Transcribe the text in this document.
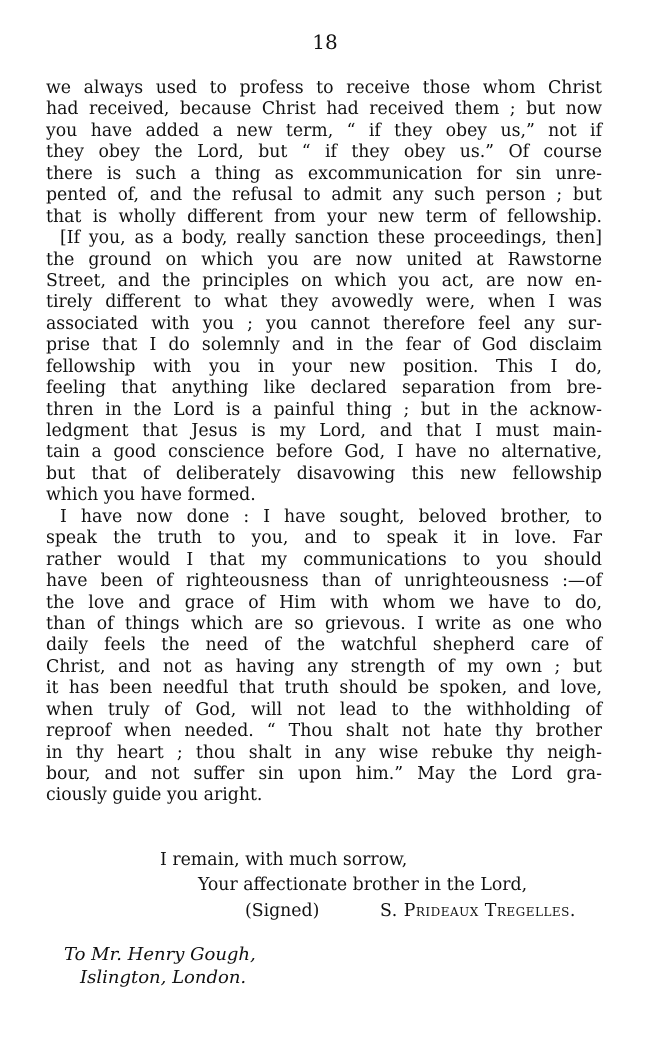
18
we always used to profess to receive those whom Christ
had received, because Christ had received them ; but now
you have added a new term, “ if they obey us,” not if
they obey the Lord, but “ if they obey us.” Of course
there is such a thing as excommunication for sin unre-
pented of, and the refusal to admit any such person ; but
that is wholly different from your new term of fellowship.
[If you, as a body, really sanction these proceedings, then]
the ground on which you are now united at Rawstorne
Street, and the principles on which you act, are now en-
tirely different to what they avowedly were, when I was
associated with you ; you cannot therefore feel any sur-
prise that I do solemnly and in the fear of God disclaim
fellowship with you in your new position. This I do,
feeling that anything like declared separation from bre-
thren in the Lord is a painful thing ; but in the acknow-
ledgment that Jesus is my Lord, and that I must main-
tain a good conscience before God, I have no alternative,
but that of deliberately disavowing this new fellowship
which you have formed.
I have now done : I have sought, beloved brother, to
speak the truth to you, and to speak it in love. Far
rather would I that my communications to you should
have been of righteousness than of unrighteousness :—of
the love and grace of Him with whom we have to do,
than of things which are so grievous. I write as one who
daily feels the need of the watchful shepherd care of
Christ, and not as having any strength of my own ; but
it has been needful that truth should be spoken, and love,
when truly of God, will not lead to the withholding of
reproof when needed. “ Thou shalt not hate thy brother
in thy heart ; thou shalt in any wise rebuke thy neigh-
bour, and not suffer sin upon him.” May the Lord gra-
ciously guide you aright.
I remain, with much sorrow,
Your affectionate brother in the Lord,
(Signed)	S. Prideaux Tregelles.
To Mr. Henry Gough,
Islington, London.
